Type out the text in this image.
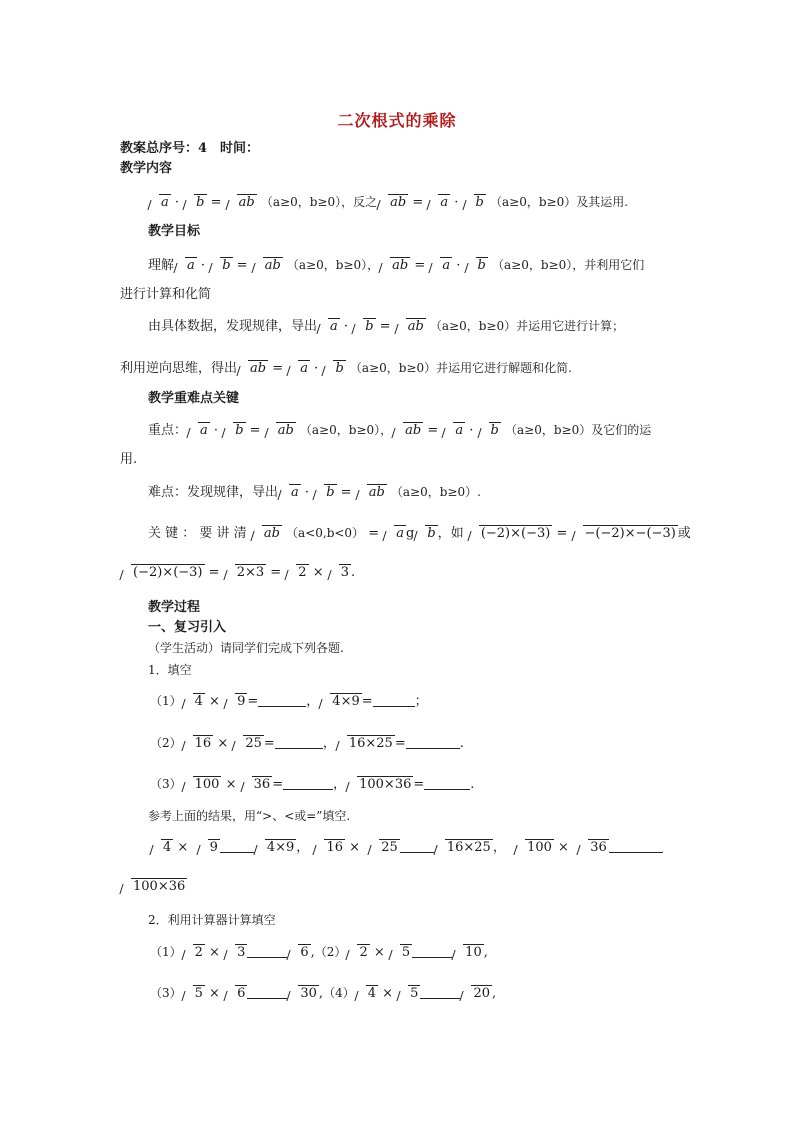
二次根式的乘除
教案总序号：4　时间：
教学内容
a · b = ab （a≥0，b≥0），反之 ab = a · b （a≥0，b≥0）及其运用.
教学目标
理解 a · b = ab （a≥0，b≥0）， ab = a · b （a≥0，b≥0），并利用它们
进行计算和化简
由具体数据，发现规律，导出 a · b = ab （a≥0，b≥0）并运用它进行计算；
利用逆向思维，得出 ab = a · b （a≥0，b≥0）并运用它进行解题和化简.
教学重难点关键
重点： a · b = ab （a≥0，b≥0）， ab = a · b （a≥0，b≥0）及它们的运
用.
难点：发现规律，导出 a · b = ab （a≥0，b≥0）.
关 键 ： 要 讲 清 ab （a<0,b<0） = a g b ，如 (−2)×(−3) = −(−2)×−(−3) 或
(−2)×(−3) = 2×3 = 2 × 3 .
教学过程
一、复习引入
（学生活动）请同学们完成下列各题.
1．填空
（1） 4 × 9 =	， 4×9 =	；
（2） 16 × 25 =	， 16×25 =	.
（3） 100 × 36 =	， 100×36 =	.
参考上面的结果，用“>、<或=”填空.
4 ×  9	4×9 ， 16 ×  25	16×25 ，  100 ×  36
100×36
2．利用计算器计算填空
（1） 2 × 3	6 ,（2） 2 × 5	10 ,
（3） 5 × 6	30 ,（4） 4 × 5	20 ,
